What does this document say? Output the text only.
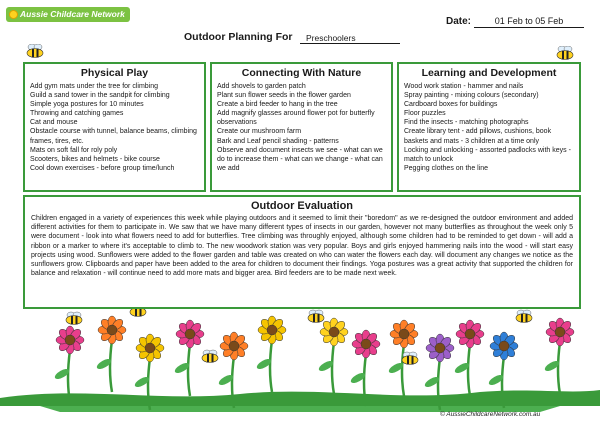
Aussie Childcare Network
Date:	01 Feb to 05 Feb
Outdoor Planning For	Preschoolers
Physical Play
Add gym mats under the tree for climbing
Guild a sand tower in the sandpit for climbing
Simple yoga postures for 10 minutes
Throwing and catching games
Cat and mouse
Obstacle course with tunnel, balance beams, climbing frames, tires, etc.
Mats on soft fall for roly poly
Scooters, bikes and helmets - bike course
Cool down exercises - before group time/lunch
Connecting With Nature
Add shovels to garden patch
Plant sun flower seeds in the flower garden
Create a bird feeder to hang in the tree
Add magnify glasses around flower pot for butterfly observations
Create our mushroom farm
Bark and Leaf pencil shading - patterns
Observe and document insects we see - what can we do to increase them - what can we change - what can we add
Learning and Development
Wood work station - hammer and nails
Spray painting - mixing colours (secondary)
Cardboard boxes for buildings
Floor puzzles
Find the insects - matching photographs
Create library tent - add pillows, cushions, book baskets and mats - 3 children at a time only
Locking and unlocking - assorted padlocks with keys - match to unlock
Pegging clothes on the line
Outdoor Evaluation

Children engaged in a variety of experiences this week while playing outdoors and it seemed to limit their "boredom" as we re-designed the outdoor environment and added different activities for them to participate in. We saw that we have many different types of insects in our garden, however not many butterflies as throughout the week only 5 were document - look into what flowers need to add for butterflies. Tree climbing was throughly enjoyed, although some children had to be reminded to get down - will add a ribbon or a marker to where it's acceptable to climb to. The new woodwork station was very popular. Boys and girls enjoyed hammering nails into the wood - will start easy projects using wood. Sunflowers were added to the flower garden and table was created on who can water the flowers each day. will document any changes we notice as the sunflowers grow. Clipboards and paper have been added to the area for children to document their findings. Yoga postures was a great activity that supported the children for balance and relaxation - will continue need to add more mats and bigger area. Bird feeders are to be made next week.

© AussieChildcareNetwork.com.au
